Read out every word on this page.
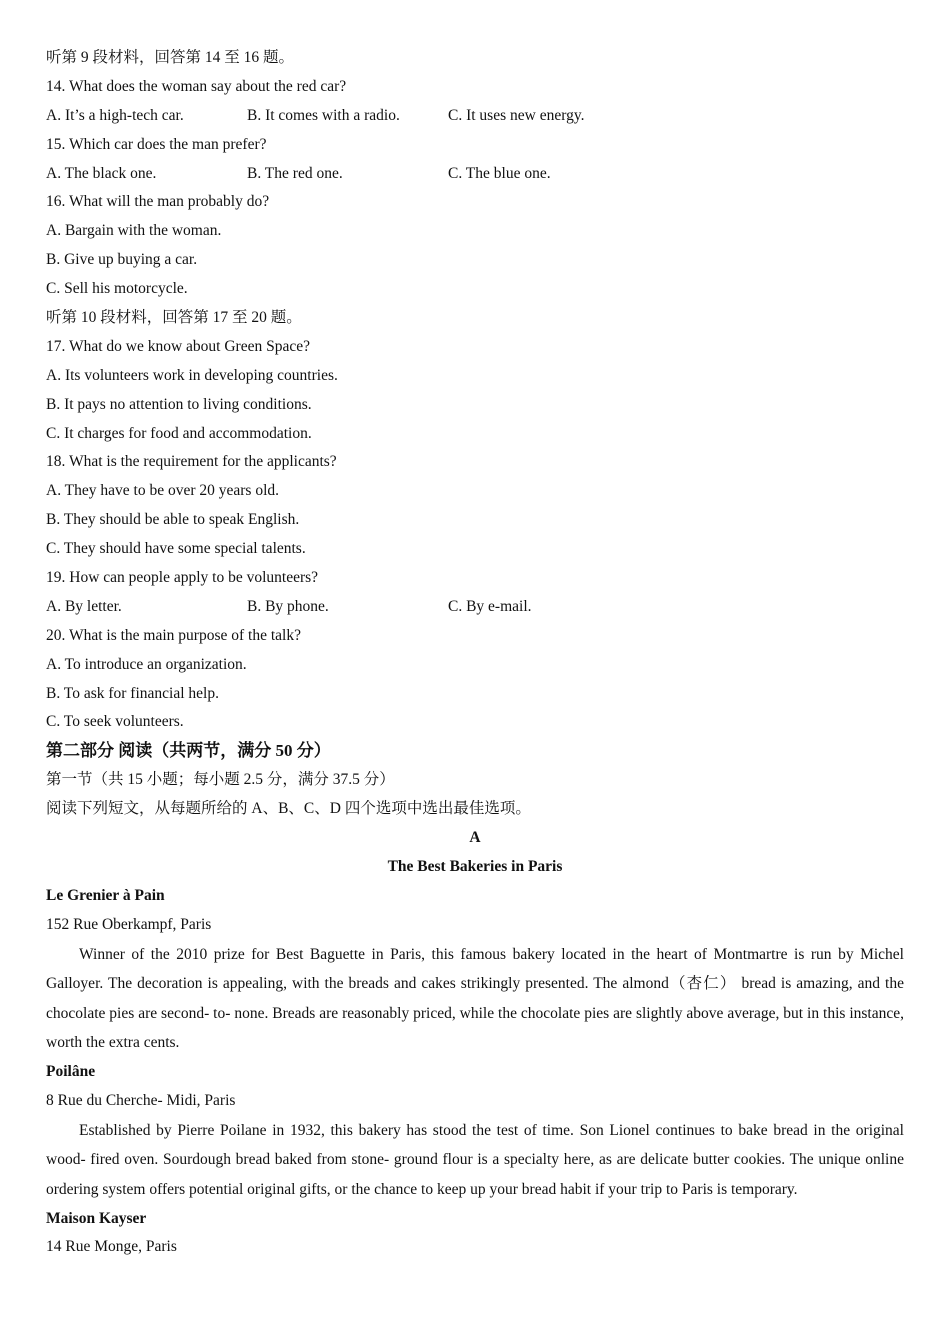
听第 9 段材料，回答第 14 至 16 题。
14. What does the woman say about the red car?
A. It’s a high-tech car.	B. It comes with a radio.	C. It uses new energy.
15. Which car does the man prefer?
A. The black one.	B. The red one.	C. The blue one.
16. What will the man probably do?
A. Bargain with the woman.
B. Give up buying a car.
C. Sell his motorcycle.
听第 10 段材料，回答第 17 至 20 题。
17. What do we know about Green Space?
A. Its volunteers work in developing countries.
B. It pays no attention to living conditions.
C. It charges for food and accommodation.
18. What is the requirement for the applicants?
A. They have to be over 20 years old.
B. They should be able to speak English.
C. They should have some special talents.
19. How can people apply to be volunteers?
A. By letter.	B. By phone.	C. By e-mail.
20. What is the main purpose of the talk?
A. To introduce an organization.
B. To ask for financial help.
C. To seek volunteers.
第二部分 阅读（共两节，满分 50 分）
第一节（共 15 小题；每小题 2.5 分，满分 37.5 分）
阅读下列短文，从每题所给的 A、B、C、D 四个选项中选出最佳选项。
A
The Best Bakeries in Paris
Le Grenier à Pain
152 Rue Oberkampf, Paris

Winner of the 2010 prize for Best Baguette in Paris, this famous bakery located in the heart of Montmartre is run by Michel Galloyer. The decoration is appealing, with the breads and cakes strikingly presented. The almond（杏仁） bread is amazing, and the chocolate pies are second- to- none. Breads are reasonably priced, while the chocolate pies are slightly above average, but in this instance, worth the extra cents.

Poilâne
8 Rue du Cherche- Midi, Paris

Established by Pierre Poilane in 1932, this bakery has stood the test of time. Son Lionel continues to bake bread in the original wood- fired oven. Sourdough bread baked from stone- ground flour is a specialty here, as are delicate butter cookies. The unique online ordering system offers potential original gifts, or the chance to keep up your bread habit if your trip to Paris is temporary.

Maison Kayser
14 Rue Monge, Paris
